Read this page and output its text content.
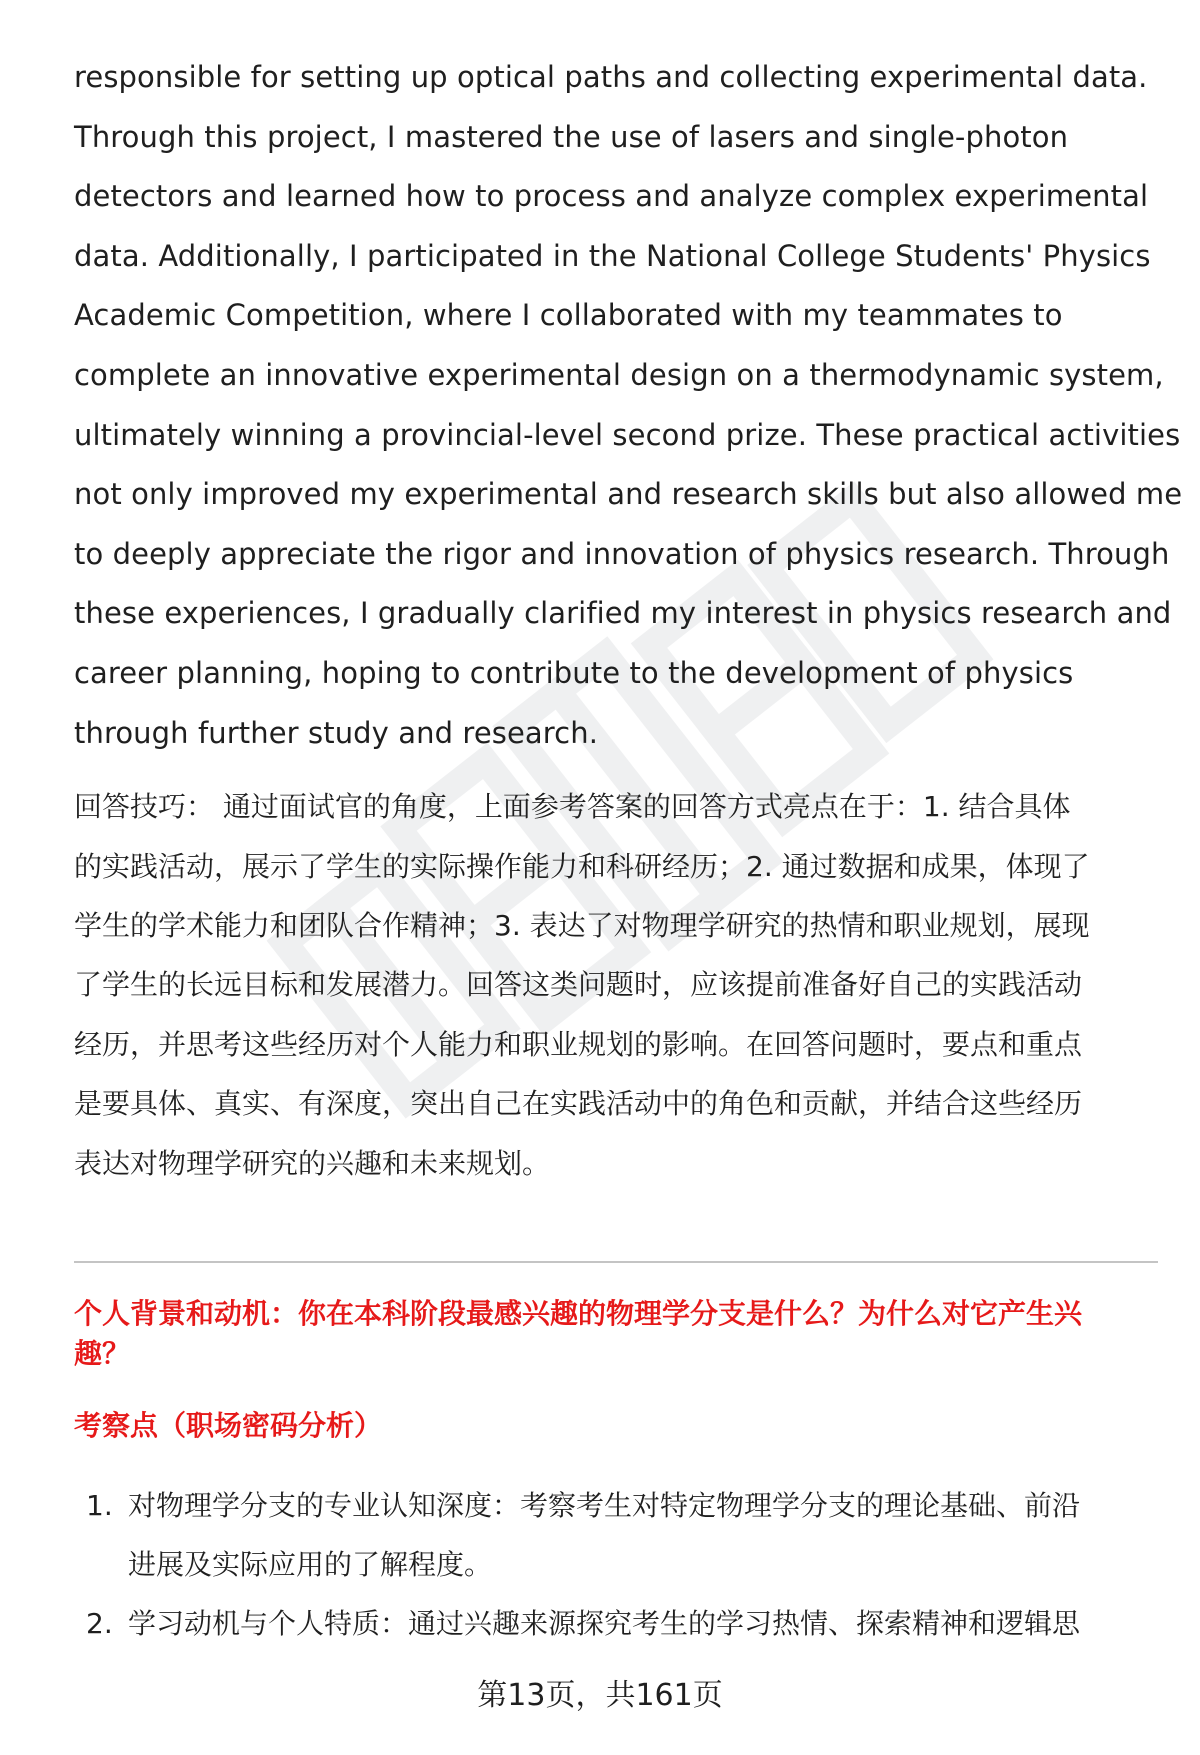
responsible for setting up optical paths and collecting experimental data.
Through this project, I mastered the use of lasers and single-photon
detectors and learned how to process and analyze complex experimental
data. Additionally, I participated in the National College Students' Physics
Academic Competition, where I collaborated with my teammates to
complete an innovative experimental design on a thermodynamic system,
ultimately winning a provincial-level second prize. These practical activities
not only improved my experimental and research skills but also allowed me
to deeply appreciate the rigor and innovation of physics research. Through
these experiences, I gradually clarified my interest in physics research and
career planning, hoping to contribute to the development of physics
through further study and research.
回答技巧： 通过面试官的角度，上面参考答案的回答方式亮点在于：1. 结合具体
的实践活动，展示了学生的实际操作能力和科研经历；2. 通过数据和成果，体现了
学生的学术能力和团队合作精神；3. 表达了对物理学研究的热情和职业规划，展现
了学生的长远目标和发展潜力。回答这类问题时，应该提前准备好自己的实践活动
经历，并思考这些经历对个人能力和职业规划的影响。在回答问题时，要点和重点
是要具体、真实、有深度，突出自己在实践活动中的角色和贡献，并结合这些经历
表达对物理学研究的兴趣和未来规划。
个人背景和动机：你在本科阶段最感兴趣的物理学分支是什么？为什么对它产生兴
趣？
考察点（职场密码分析）
1. 对物理学分支的专业认知深度：考察考生对特定物理学分支的理论基础、前沿
进展及实际应用的了解程度。
2. 学习动机与个人特质：通过兴趣来源探究考生的学习热情、探索精神和逻辑思
第13页，共161页
